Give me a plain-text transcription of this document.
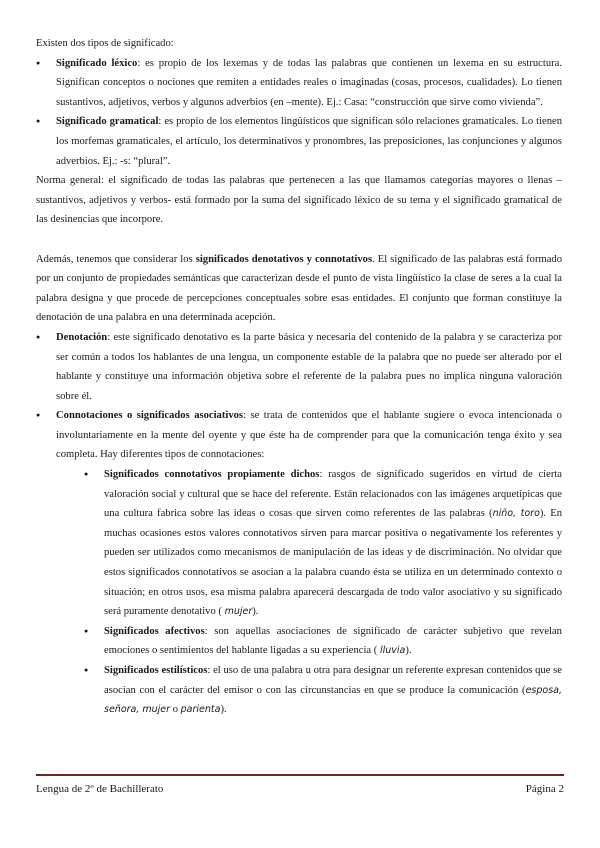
Existen dos tipos de significado:

● Significado léxico: es propio de los lexemas y de todas las palabras que contienen un lexema en su estructura. Significan conceptos o nociones que remiten a entidades reales o imaginadas (cosas, procesos, cualidades). Lo tienen sustantivos, adjetivos, verbos y algunos adverbios (en –mente). Ej.: Casa: “construcción que sirve como vivienda”.
● Significado gramatical: es propio de los elementos lingüísticos que significan sólo relaciones gramaticales. Lo tienen los morfemas gramaticales, el artículo, los determinativos y pronombres, las preposiciones, las conjunciones y algunos adverbios. Ej.: -s: “plural”.

Norma general: el significado de todas las palabras que pertenecen a las que llamamos categorías mayores o llenas –sustantivos, adjetivos y verbos- está formado por la suma del significado léxico de su tema y el significado gramatical de las desinencias que incorpore.

Además, tenemos que considerar los significados denotativos y connotativos. El significado de las palabras está formado por un conjunto de propiedades semánticas que caracterizan desde el punto de vista lingüístico la clase de seres a la cual la palabra designa y que procede de percepciones conceptuales sobre esas entidades. El conjunto que forman constituye la denotación de una palabra en una determinada acepción.

● Denotación: este significado denotativo es la parte básica y necesaria del contenido de la palabra y se caracteriza por ser común a todos los hablantes de una lengua, un componente estable de la palabra que no puede ser alterado por el hablante y constituye una información objetiva sobre el referente de la palabra pues no implica ninguna valoración sobre él.
● Connotaciones o significados asociativos: se trata de contenidos que el hablante sugiere o evoca intencionada o involuntariamente en la mente del oyente y que éste ha de comprender para que la comunicación tenga éxito y sea completa. Hay diferentes tipos de connotaciones:
● Significados connotativos propiamente dichos: rasgos de significado sugeridos en virtud de cierta valoración social y cultural que se hace del referente. Están relacionados con las imágenes arquetípicas que una cultura fabrica sobre las ideas o cosas que sirven como referentes de las palabras (niño, toro). En muchas ocasiones estos valores connotativos sirven para marcar positiva o negativamente los referentes y pueden ser utilizados como mecanismos de manipulación de las ideas y de discriminación. No olvidar que estos significados connotativos se asocian a la palabra cuando ésta se utiliza en un determinado contexto o situación; en otros usos, esa misma palabra aparecerá descargada de todo valor asociativo y su significado será puramente denotativo ( mujer).
● Significados afectivos: son aquellas asociaciones de significado de carácter subjetivo que revelan emociones o sentimientos del hablante ligadas a su experiencia ( lluvia).
● Significados estilísticos: el uso de una palabra u otra para designar un referente expresan contenidos que se asocian con el carácter del emisor o con las circunstancias en que se produce la comunicación (esposa, señora, mujer o parienta).
Lengua de 2º de Bachillerato	Página 2
